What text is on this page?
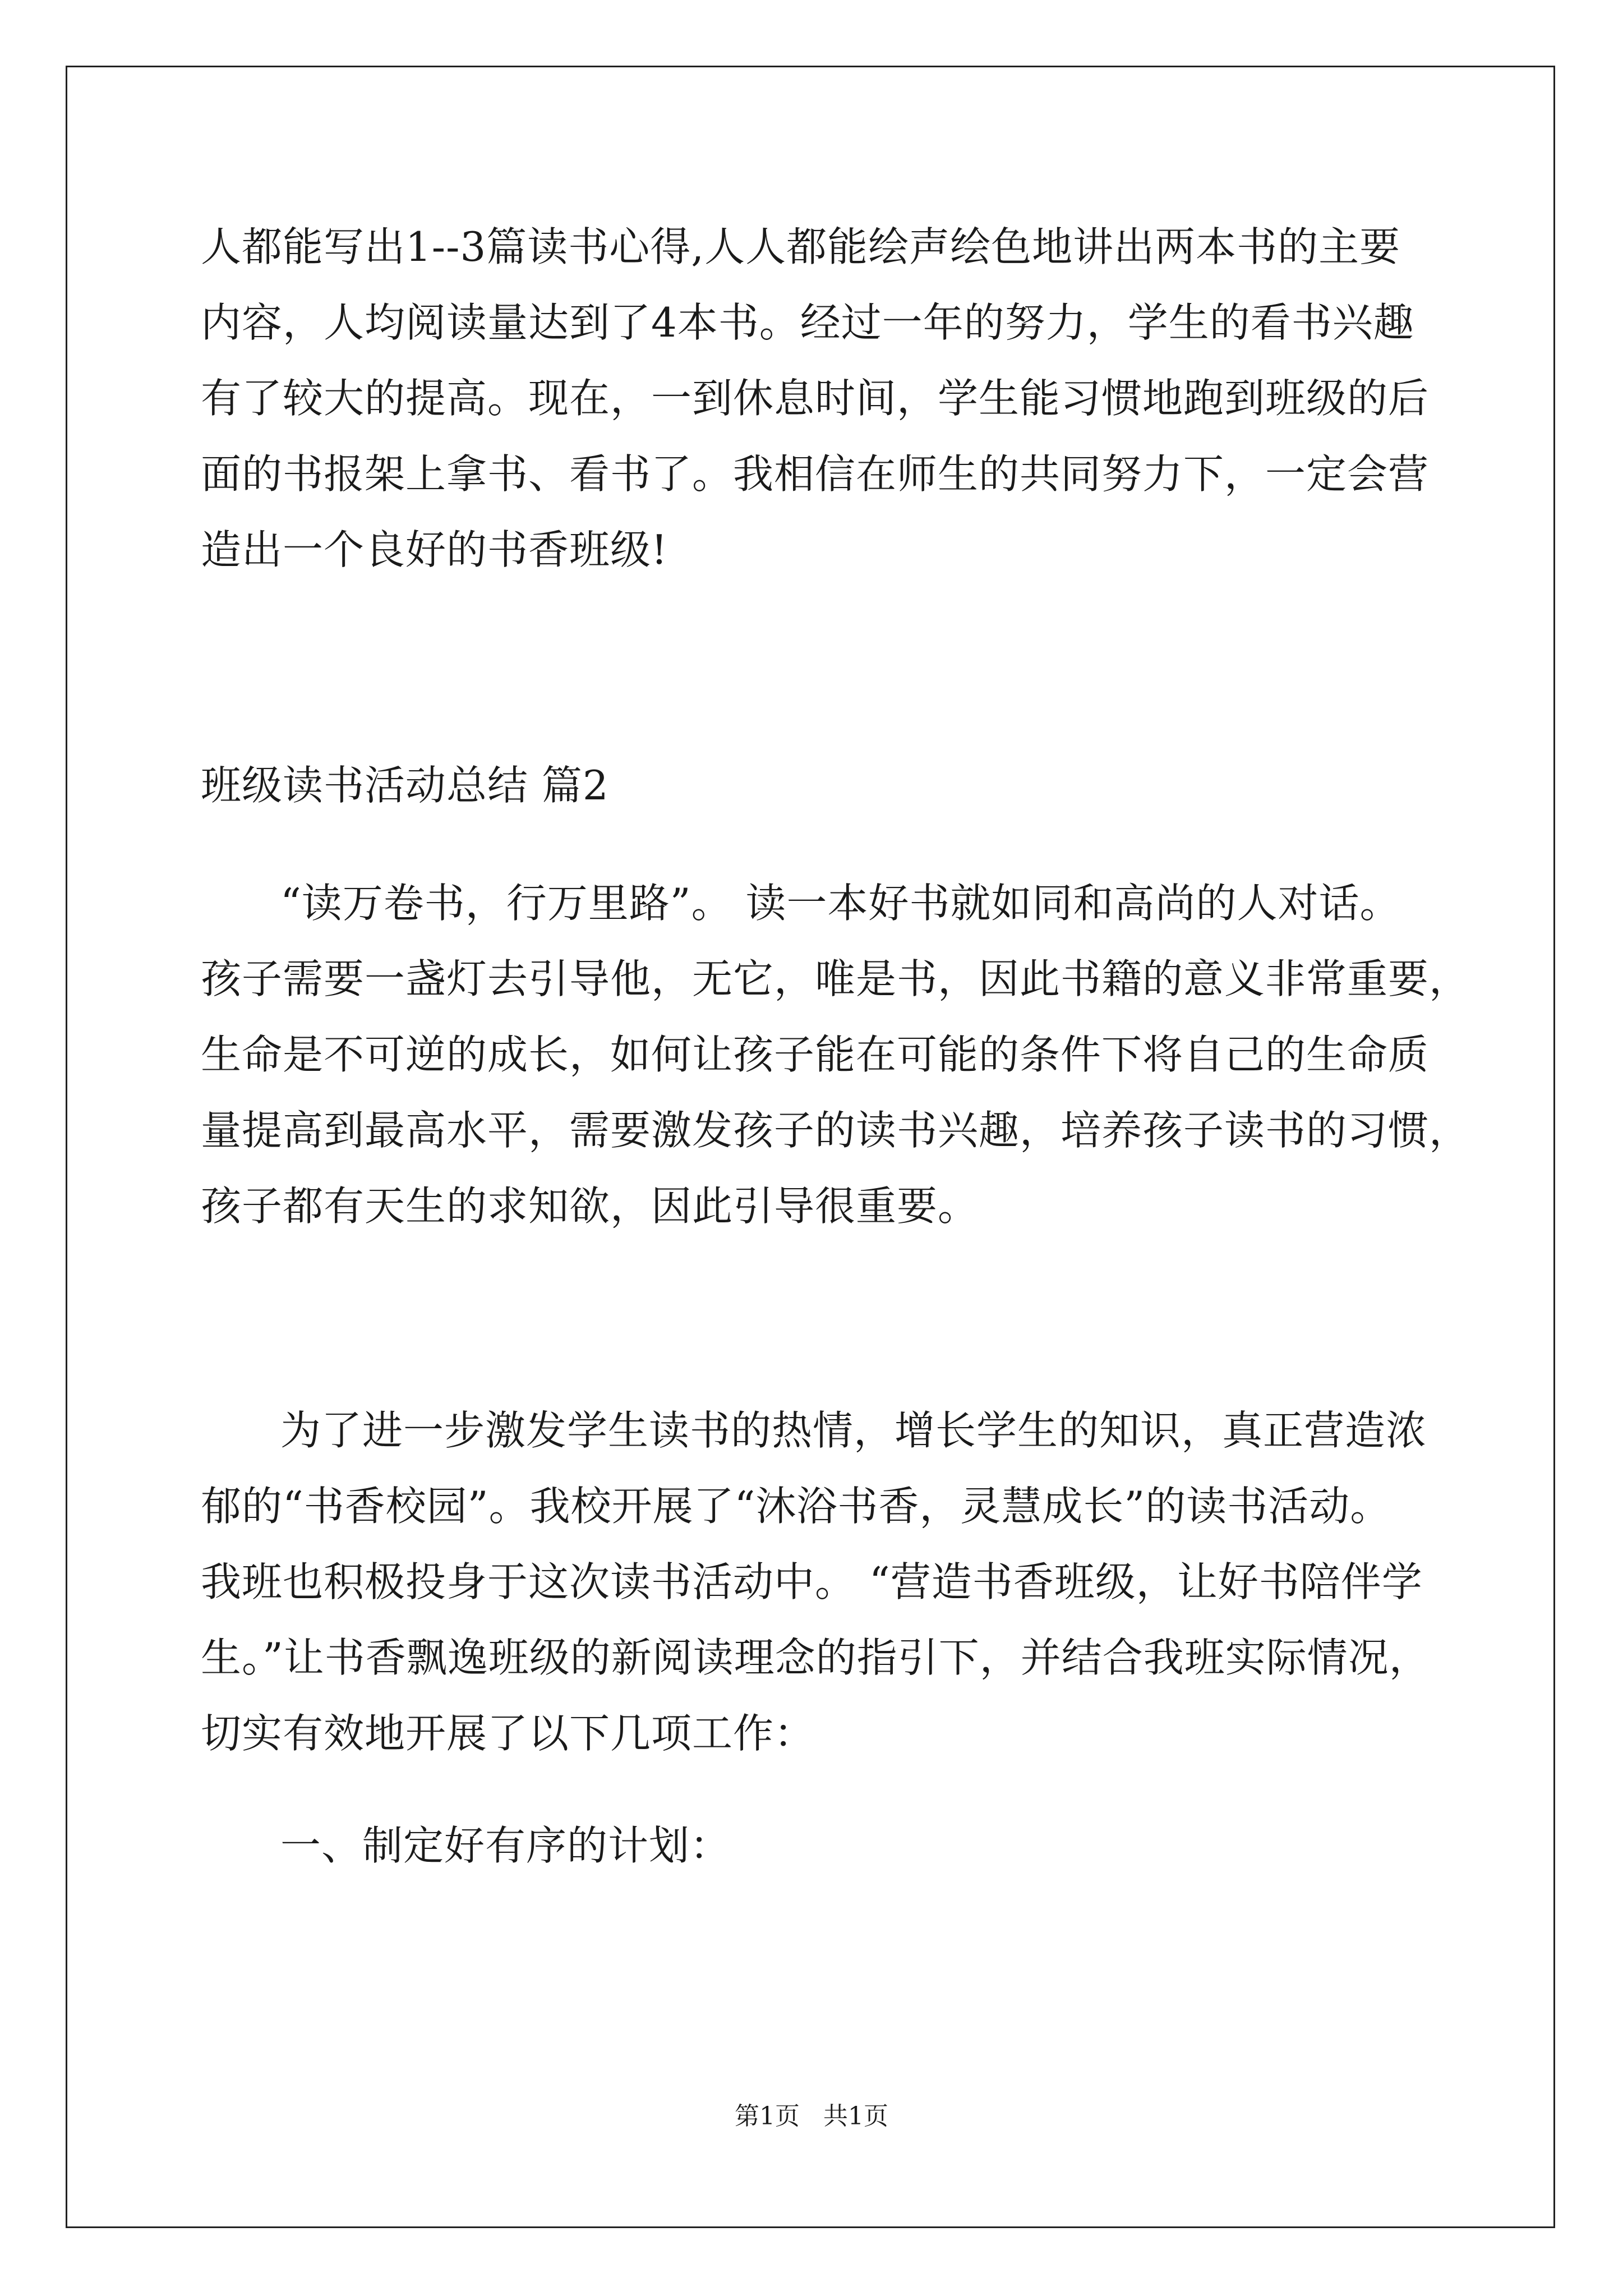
人都能写出1--3篇读书心得,人人都能绘声绘色地讲出两本书的主要
内容，人均阅读量达到了4本书。经过一年的努力，学生的看书兴趣
有了较大的提高。现在，一到休息时间，学生能习惯地跑到班级的后
面的书报架上拿书、看书了。我相信在师生的共同努力下，一定会营
造出一个良好的书香班级!
班级读书活动总结 篇2
“读万卷书，行万里路”。 读一本好书就如同和高尚的人对话。
孩子需要一盏灯去引导他，无它，唯是书，因此书籍的意义非常重要，
生命是不可逆的成长，如何让孩子能在可能的条件下将自己的生命质
量提高到最高水平，需要激发孩子的读书兴趣，培养孩子读书的习惯，
孩子都有天生的求知欲，因此引导很重要。
为了进一步激发学生读书的热情，增长学生的知识，真正营造浓
郁的“书香校园”。我校开展了“沐浴书香，灵慧成长”的读书活动。
我班也积极投身于这次读书活动中。 “营造书香班级，让好书陪伴学
生。”让书香飘逸班级的新阅读理念的指引下，并结合我班实际情况，
切实有效地开展了以下几项工作：
一、制定好有序的计划：
第1页   共1页
